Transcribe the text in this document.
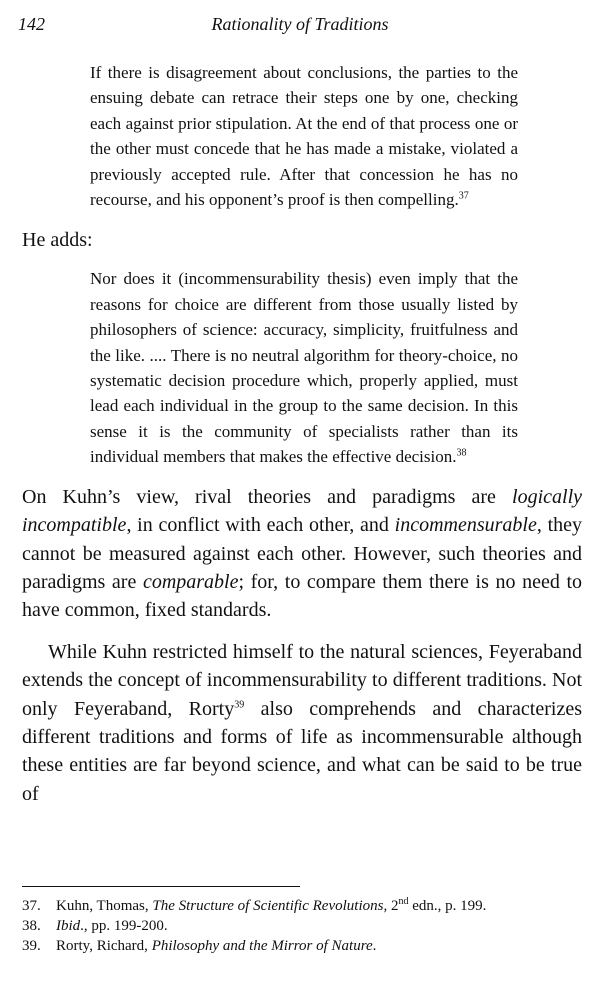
142	Rationality of Traditions

If there is disagreement about conclusions, the parties to the ensuing debate can retrace their steps one by one, checking each against prior stipulation. At the end of that process one or the other must concede that he has made a mistake, violated a previously accepted rule. After that concession he has no recourse, and his opponent’s proof is then compelling.$^{37}$

He adds:

Nor does it (incommensurability thesis) even imply that the reasons for choice are different from those usually listed by philosophers of science: accuracy, simplicity, fruitfulness and the like. .... There is no neutral algorithm for theory-choice, no systematic decision procedure which, properly applied, must lead each individual in the group to the same decision. In this sense it is the community of specialists rather than its individual members that makes the effective decision.$^{38}$

On Kuhn’s view, rival theories and paradigms are logically incompatible, in conflict with each other, and incommensurable, they cannot be measured against each other. However, such theories and paradigms are comparable; for, to compare them there is no need to have common, fixed standards.

While Kuhn restricted himself to the natural sciences, Feyeraband extends the concept of incommensurability to different traditions. Not only Feyeraband, Rorty$^{39}$ also comprehends and characterizes different traditions and forms of life as incommensurable although these entities are far beyond science, and what can be said to be true of

37.	Kuhn, Thomas, The Structure of Scientific Revolutions, 2nd edn., p. 199.
38.	Ibid., pp. 199-200.
39.	Rorty, Richard, Philosophy and the Mirror of Nature.
